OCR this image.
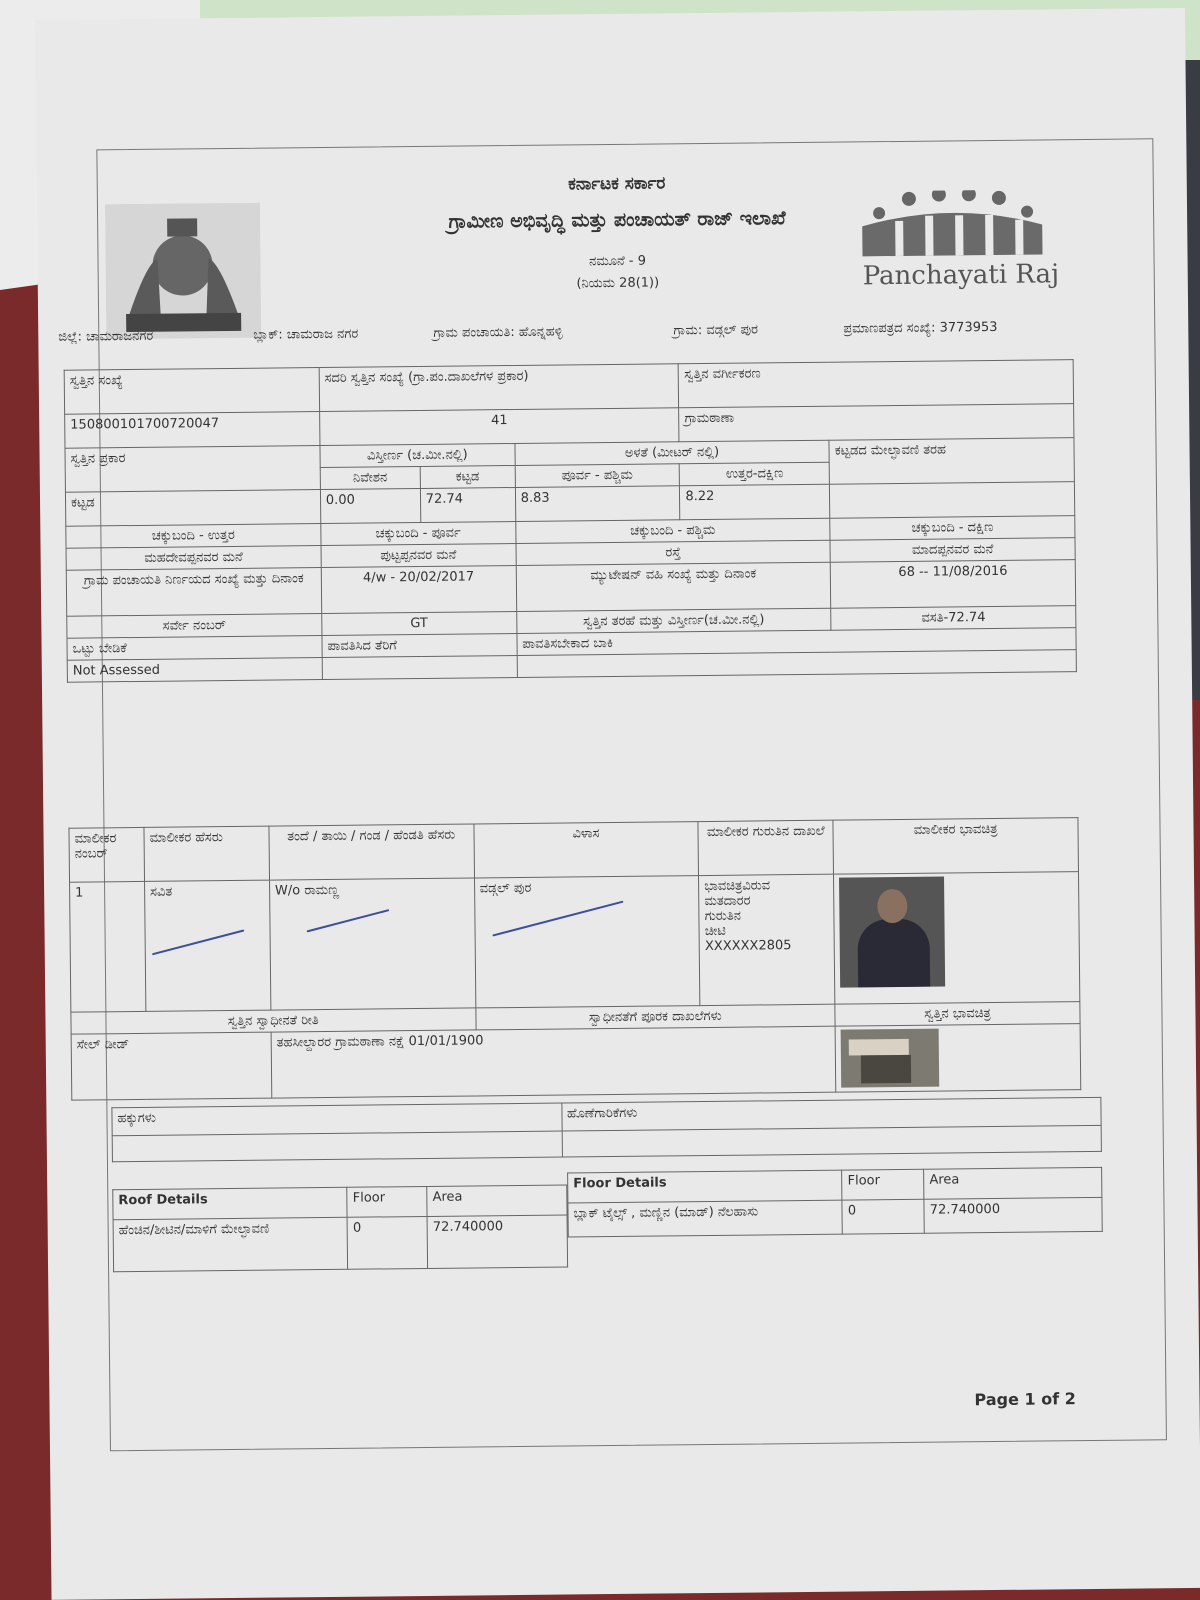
ಕರ್ನಾಟಕ ಸರ್ಕಾರ
ಗ್ರಾಮೀಣ ಅಭಿವೃದ್ಧಿ ಮತ್ತು ಪಂಚಾಯತ್ ರಾಜ್ ಇಲಾಖೆ
ನಮೂನೆ - 9
(ನಿಯಮ 28(1))	Panchayati Raj
ಜಿಲ್ಲೆ: ಚಾಮರಾಜನಗರ	ಬ್ಲಾಕ್: ಚಾಮರಾಜ ನಗರ	ಗ್ರಾಮ ಪಂಚಾಯತಿ: ಹೊನ್ನಹಳ್ಳಿ	ಗ್ರಾಮ: ವಡ್ಗಲ್ ಪುರ	ಪ್ರಮಾಣಪತ್ರದ ಸಂಖ್ಯೆ: 3773953
ಸ್ವತ್ತಿನ ಸಂಖ್ಯೆ	ಸದರಿ ಸ್ವತ್ತಿನ ಸಂಖ್ಯೆ (ಗ್ರಾ.ಪಂ.ದಾಖಲೆಗಳ ಪ್ರಕಾರ)			ಸ್ವತ್ತಿನ ವರ್ಗೀಕರಣ	
150800101700720047	41			ಗ್ರಾಮಠಾಣಾ	
ಸ್ವತ್ತಿನ ಪ್ರಕಾರ	ವಿಸ್ತೀರ್ಣ (ಚ.ಮೀ.ನಲ್ಲಿ)		ಅಳತೆ (ಮೀಟರ್ ನಲ್ಲಿ)		ಕಟ್ಟಡದ ಮೇಲ್ಛಾವಣಿ ತರಹ
	ನಿವೇಶನ	ಕಟ್ಟಡ	ಪೂರ್ವ - ಪಶ್ಚಿಮ	ಉತ್ತರ-ದಕ್ಷಿಣ	
ಕಟ್ಟಡ	0.00	72.74	8.83	8.22	
ಚಕ್ಕುಬಂದಿ - ಉತ್ತರ	ಚಕ್ಕುಬಂದಿ - ಪೂರ್ವ		ಚಕ್ಕುಬಂದಿ - ಪಶ್ಚಿಮ		ಚಕ್ಕುಬಂದಿ - ದಕ್ಷಿಣ
ಮಹದೇವಪ್ಪನವರ ಮನೆ	ಪುಟ್ಟಪ್ಪನವರ ಮನೆ		ರಸ್ತೆ		ಮಾದಪ್ಪನವರ ಮನೆ
ಗ್ರಾಮ ಪಂಚಾಯತಿ ನಿರ್ಣಯದ ಸಂಖ್ಯೆ ಮತ್ತು ದಿನಾಂಕ	4/w - 20/02/2017		ಮ್ಯುಟೇಷನ್ ವಹಿ ಸಂಖ್ಯೆ ಮತ್ತು ದಿನಾಂಕ		68 -- 11/08/2016
ಸರ್ವೇ ನಂಬರ್	GT		ಸ್ವತ್ತಿನ ತರಹೆ ಮತ್ತು ವಿಸ್ತೀರ್ಣ(ಚ.ಮೀ.ನಲ್ಲಿ)		ವಸತಿ-72.74
ಒಟ್ಟು ಬೇಡಿಕೆ	ಪಾವತಿಸಿದ ತೆರಿಗೆ		ಪಾವತಿಸಬೇಕಾದ ಬಾಕಿ		
Not Assessed					
ಮಾಲೀಕರ ನಂಬರ್	ಮಾಲೀಕರ ಹೆಸರು	ತಂದೆ / ತಾಯಿ / ಗಂಡ / ಹೆಂಡತಿ ಹೆಸರು	ವಿಳಾಸ	ಮಾಲೀಕರ ಗುರುತಿನ ದಾಖಲೆ	ಮಾಲೀಕರ ಭಾವಚಿತ್ರ
1	ಸವಿತ	W/o ರಾಮಣ್ಣ	ವಡ್ಗಲ್ ಪುರ	ಭಾವಚಿತ್ರವಿರುವ
ಮತದಾರರ
ಗುರುತಿನ
ಚೀಟಿ
XXXXXX2805	

ಸ್ವತ್ತಿನ ಸ್ವಾಧೀನತೆ ರೀತಿ			ಸ್ವಾಧೀನತೆಗೆ ಪೂರಕ ದಾಖಲೆಗಳು		ಸ್ವತ್ತಿನ ಭಾವಚಿತ್ರ
ಸೇಲ್ ಡೀಡ್		ತಹಸೀಲ್ದಾರರ ಗ್ರಾಮಠಾಣಾ ನಕ್ಷೆ 01/01/1900			
ಹಕ್ಕುಗಳು	ಹೊಣೆಗಾರಿಕೆಗಳು

Roof Details	Floor	Area
ಹೆಂಚಿನ/ಶೀಟಿನ/ಮಾಳಿಗೆ ಮೇಲ್ಛಾವಣಿ	0	72.740000
Floor Details	Floor	Area
ಬ್ಲಾಕ್ ಟೈಲ್ಸ್ , ಮಣ್ಣಿನ (ಮಾಡ್) ನೆಲಹಾಸು	0	72.740000
Page 1 of 2
